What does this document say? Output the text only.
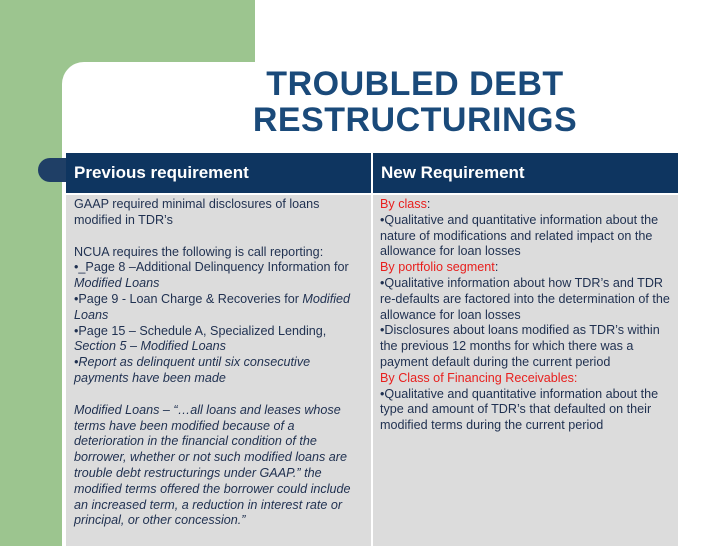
TROUBLED DEBT
RESTRUCTURINGS
Previous requirement	New Requirement

GAAP required minimal disclosures of loans modified in TDR’s

NCUA requires the following is call reporting:

•_Page 8 –Additional Delinquency Information for Modified Loans

•Page 9 - Loan Charge & Recoveries for Modified Loans

•Page 15 – Schedule A, Specialized Lending, Section 5 – Modified Loans

•Report as delinquent until six consecutive payments have been made

Modified Loans – “…all loans and leases whose terms have been modified because of a deterioration in the financial condition of the borrower, whether or not such modified loans are trouble debt restructurings under GAAP.” the modified terms offered the borrower could include an increased term, a reduction in interest rate or principal, or other concession.”

By class:

•Qualitative and quantitative information about the nature of modifications and related impact on the allowance for loan losses

By portfolio segment:

•Qualitative information about how TDR’s and TDR re-defaults are factored into the determination of the allowance for loan losses

•Disclosures about loans modified as TDR’s within the previous 12 months for which there was a payment default during the current period

By Class of Financing Receivables:

•Qualitative and quantitative information about the type and amount of TDR’s that defaulted on their modified terms during the current period
